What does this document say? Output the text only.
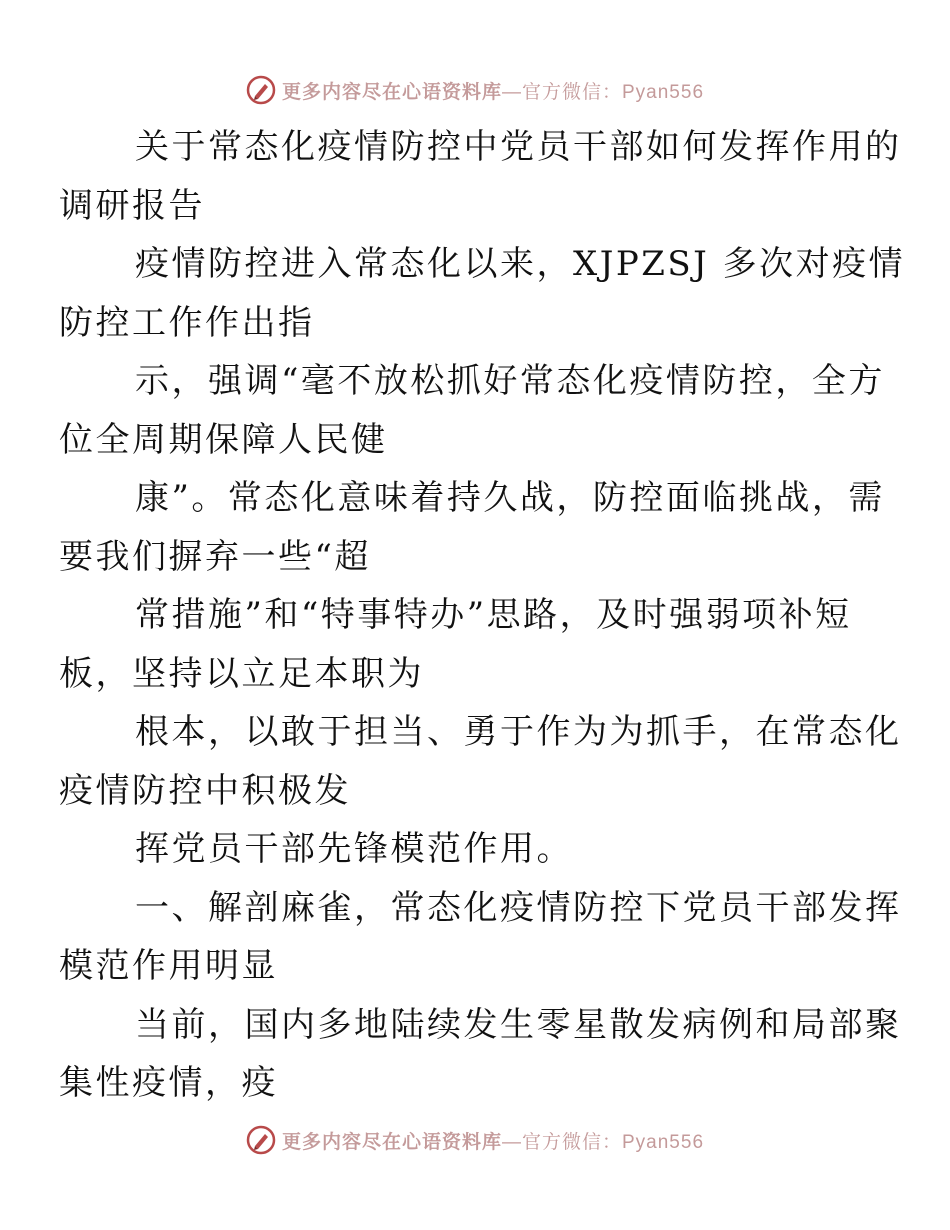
更多内容尽在心语资料库—官方微信：Pyan556

关于常态化疫情防控中党员干部如何发挥作用的
调研报告

疫情防控进入常态化以来，XJPZSJ 多次对疫情
防控工作作出指

示，强调“毫不放松抓好常态化疫情防控，全方
位全周期保障人民健

康”。常态化意味着持久战，防控面临挑战，需
要我们摒弃一些“超

常措施”和“特事特办”思路，及时强弱项补短
板，坚持以立足本职为

根本，以敢于担当、勇于作为为抓手，在常态化
疫情防控中积极发

挥党员干部先锋模范作用。

一、解剖麻雀，常态化疫情防控下党员干部发挥
模范作用明显

当前，国内多地陆续发生零星散发病例和局部聚
集性疫情，疫

更多内容尽在心语资料库—官方微信：Pyan556
